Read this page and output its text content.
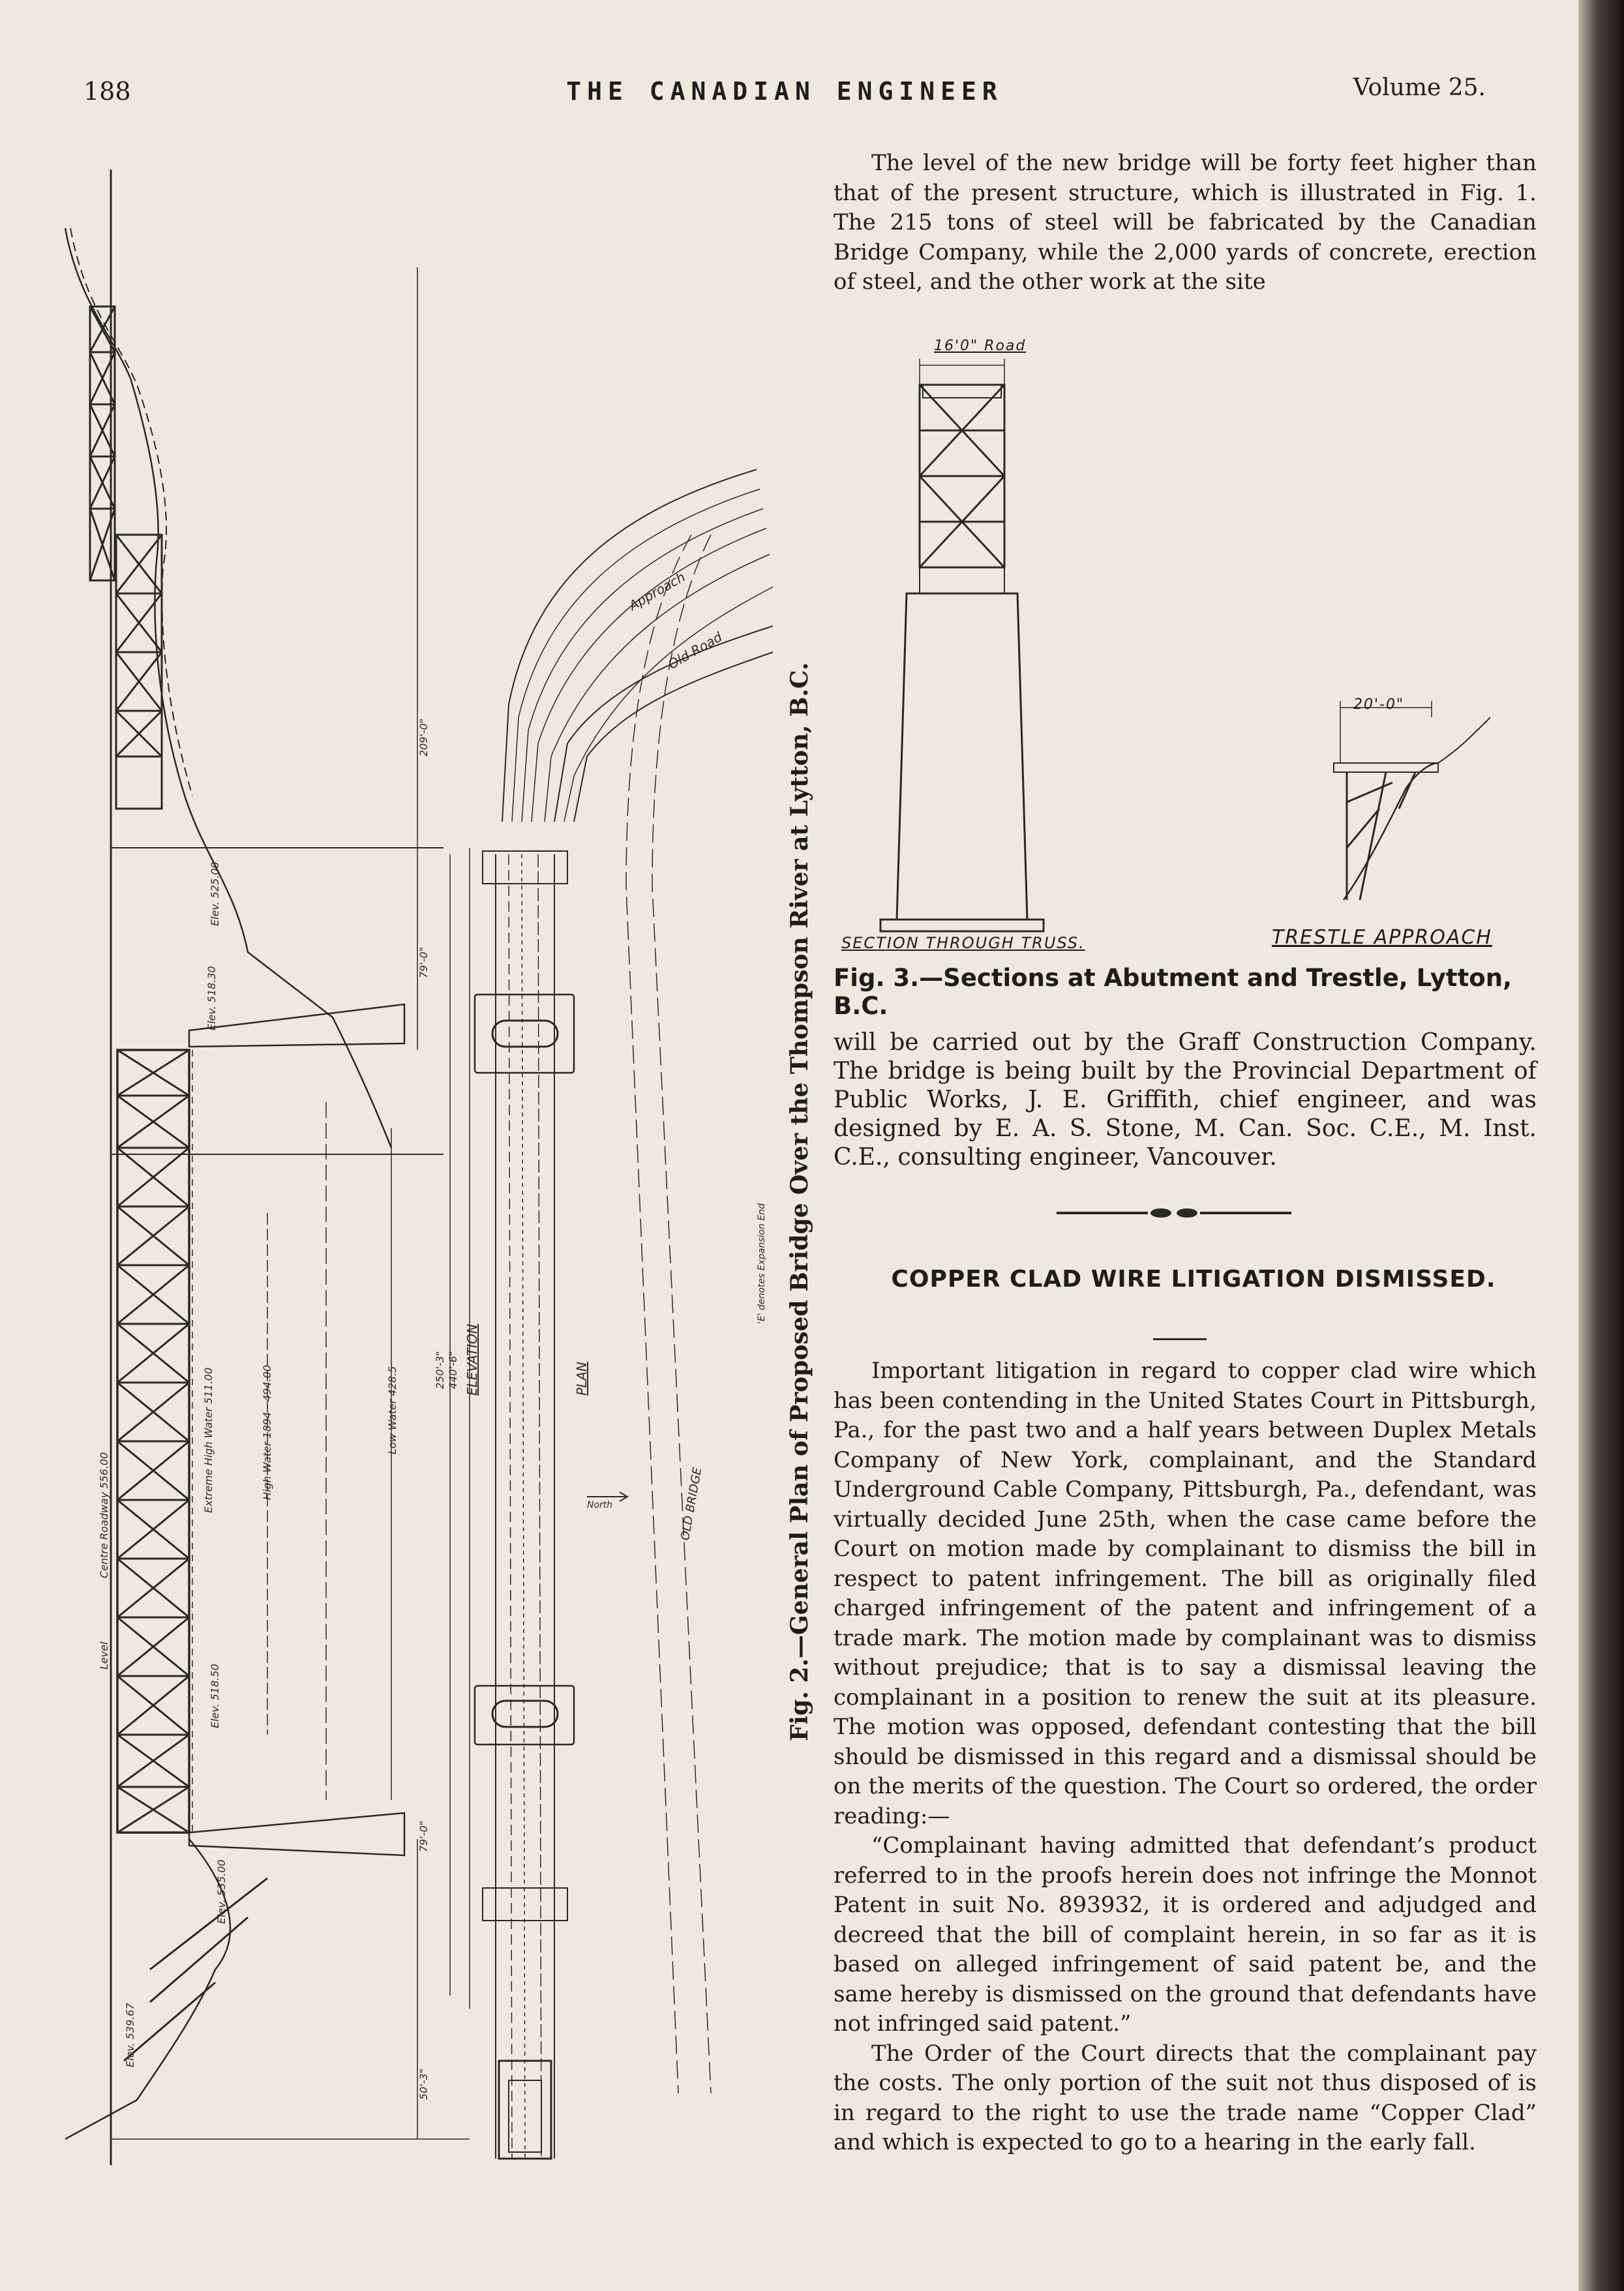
188	THE CANADIAN ENGINEER	Volume 25.
209'-0"
79'-0"
79'-0"
50'-3"
250'-3" 440'-6"
Centre Roadway 556.00
Extreme High Water 511.00	High Water 1894 - 494.00	Low Water 428.5
Elev. 525.00
Elev. 518.30
Elev. 518.50
Elev. 535.00
Elev. 539.67
Level
ELEVATION	PLAN
Approach
Old Road
OLD BRIDGE
'E' denotes Expansion End
North	Fig. 2.—General Plan of Proposed Bridge Over the Thompson River at Lytton, B.C.

The level of the new bridge will be forty feet higher than that of the present structure, which is illustrated in Fig. 1. The 215 tons of steel will be fabricated by the Canadian Bridge Company, while the 2,000 yards of concrete, erection of steel, and the other work at the site

16'0" Road
SECTION THROUGH TRUSS.
20'-0"
TRESTLE APPROACH
Fig. 3.—Sections at Abutment and Trestle, Lytton, B.C.

will be carried out by the Graff Construction Company. The bridge is being built by the Provincial Department of Public Works, J. E. Griffith, chief engineer, and was designed by E. A. S. Stone, M. Can. Soc. C.E., M. Inst. C.E., consulting engineer, Vancouver.

COPPER CLAD WIRE LITIGATION DISMISSED.

Important litigation in regard to copper clad wire which has been contending in the United States Court in Pittsburgh, Pa., for the past two and a half years between Duplex Metals Company of New York, complainant, and the Standard Underground Cable Company, Pittsburgh, Pa., defendant, was virtually decided June 25th, when the case came before the Court on motion made by complainant to dismiss the bill in respect to patent infringement. The bill as originally filed charged infringement of the patent and infringement of a trade mark. The motion made by complainant was to dismiss without prejudice; that is to say a dismissal leaving the complainant in a position to renew the suit at its pleasure. The motion was opposed, defendant contesting that the bill should be dismissed in this regard and a dismissal should be on the merits of the question. The Court so ordered, the order reading:—

“Complainant having admitted that defendant’s product referred to in the proofs herein does not infringe the Monnot Patent in suit No. 893932, it is ordered and adjudged and decreed that the bill of complaint herein, in so far as it is based on alleged infringement of said patent be, and the same hereby is dismissed on the ground that defendants have not infringed said patent.”

The Order of the Court directs that the complainant pay the costs. The only portion of the suit not thus disposed of is in regard to the right to use the trade name “Copper Clad” and which is expected to go to a hearing in the early fall.
